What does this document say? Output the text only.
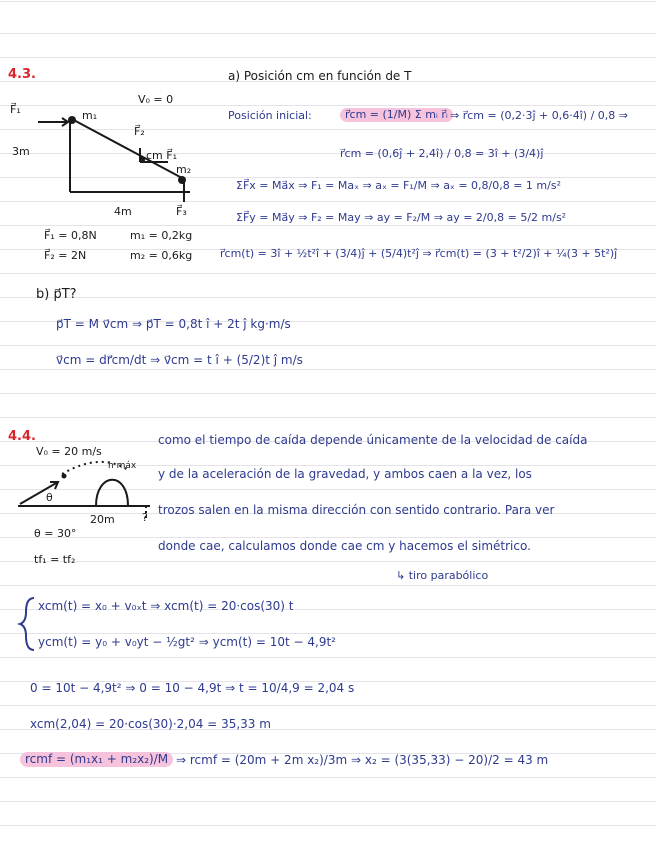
4.3.	a) Posición cm en función de T
V₀ = 0
F⃗₁	m₁
3m
F⃗₂
cm F⃗₁
m₂
4m	F⃗₃
F⃗₁ = 0,8N	m₁ = 0,2kg
F⃗₂ = 2N	m₂ = 0,6kg
Posición inicial:	r⃗cm = (1/M) Σ mᵢ r⃗ᵢ ⇒ r⃗cm = (0,2·3ĵ + 0,6·4î) / 0,8 ⇒
r⃗cm = (0,6ĵ + 2,4î) / 0,8 = 3î + (3/4)ĵ
ΣF⃗x = Ma⃗x ⇒ F₁ = Maₓ ⇒ aₓ = F₁/M ⇒ aₓ = 0,8/0,8 = 1 m/s²
ΣF⃗y = Ma⃗y ⇒ F₂ = May ⇒ ay = F₂/M ⇒ ay = 2/0,8 = 5/2 m/s²
r⃗cm(t) = 3î + ½t²î + (3/4)ĵ + (5/4)t²ĵ ⇒ r⃗cm(t) = (3 + t²/2)î + ¼(3 + 5t²)ĵ
b) p⃗T?
p⃗T = M v⃗cm ⇒ p⃗T = 0,8t î + 2t ĵ kg·m/s
v⃗cm = dr⃗cm/dt ⇒ v⃗cm = t î + (5/2)t ĵ m/s
4.4.
V₀ = 20 m/s
h máx
θ
20m ?
θ = 30°
tf₁ = tf₂
como el tiempo de caída depende únicamente de la velocidad de caída
y de la aceleración de la gravedad, y ambos caen a la vez, los
trozos salen en la misma dirección con sentido contrario. Para ver
donde cae, calculamos donde cae cm y hacemos el simétrico.
↳ tiro parabólico
xcm(t) = x₀ + v₀ₓt ⇒ xcm(t) = 20·cos(30) t
ycm(t) = y₀ + v₀yt − ½gt² ⇒ ycm(t) = 10t − 4,9t²
0 = 10t − 4,9t² ⇒ 0 = 10 − 4,9t ⇒ t = 10/4,9 = 2,04 s
xcm(2,04) = 20·cos(30)·2,04 = 35,33 m
rcmf = (m₁x₁ + m₂x₂)/M ⇒ rcmf = (20m + 2m x₂)/3m ⇒ x₂ = (3(35,33) − 20)/2 = 43 m
